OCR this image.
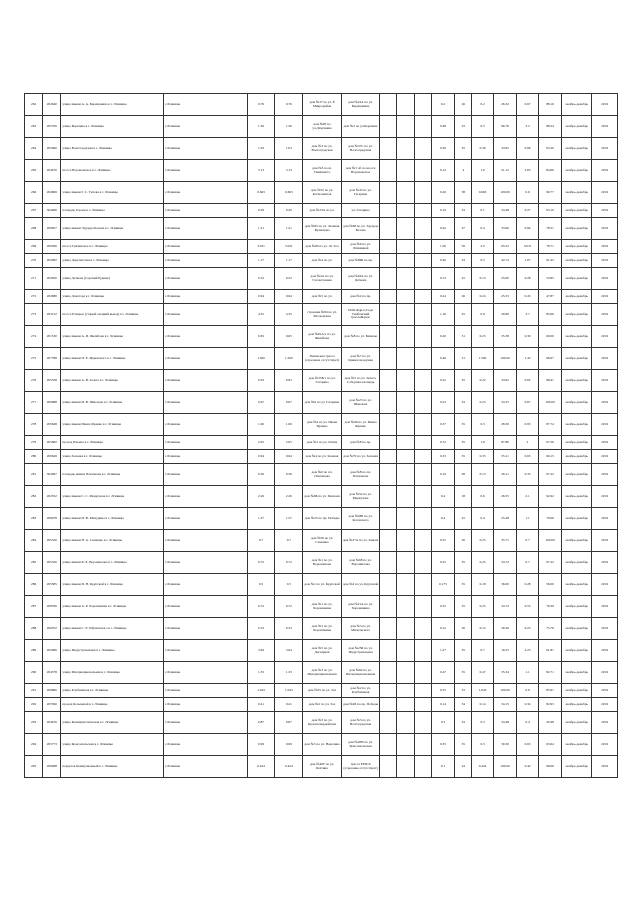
262	202640	улица имени А. А. Берещанина в г. Лгивицы	г.Лгивицы	0.76	0.76	дом №37 по ул. 8 Микрорайон	дом №22А по ул. Берещанина				0.2	26	0.2	26.32	0.67	88.16	ноябрь-декабрь	2019
263	205706	улица Березина в г. Лгивицы	г.Лгивицы	1.56	1.56	дом №83 по ул.Дачунаква	дом №2 по ул.Березина				0.48	33	0.5	96.76	3.2	88.24	ноябрь-декабрь	2019
264	205660	улица Волгоградская в г. Лгивицы	г.Лгивицы	1.03	1.03	дом №3 по ул. Волгоградская	дом №37С по ул. Волгоградская				0.36	35	0.36	34.95	0.96	93.20	ноябрь-декабрь	2019
265	204070	шоссе Воронежское в г. Лгивицы	г.Лгивицы	3.13	3.13	дом №3 по ш. Тимашисто	дом №3 об по шоссе Воронежское				0.12	4	1.6	51.12	2.63	84.66	ноябрь-декабрь	2019
266	204699	улица имени Г. С. Титова в г. Лгивицы	г.Лгивицы	0.663	0.663	дом №52 по ул. Космонавтов	дом №45 по ул. Гагарина				0.26	38	0.663	100.00	0.6	90.77	ноябрь-декабрь	2019
267	304066	площадь Героев в г. Лгивицы	г.Лгивицы	0.29	0.29	дом №23А по ул.	ул. Гагарина				0.16	34	0.1	34.48	0.27	93.10	ноябрь-декабрь	2019
268	209657	улица имени Эдуарда Белова в г. Лгивицы	г.Лгивицы	1.21	1.21	дом №85 по ул. Зеленая Кузнецова	дом №68 по ул. Эдуарда Белова				0.42	37	0.4	33.06	0.94	78.51	ноябрь-декабрь	2019
269	200366	шоссе Грязинское в г. Лгивицы	г.Лгивицы	3.031	3.031	дом №90 по ул. Лг. Зол	дом №6 по ул. Лгивицкой				1.50	59	2.0	65.52	3.031	78.71	ноябрь-декабрь	2019
270	202082	улица Декупатская в г. Лгивицы	г.Лгивицы	1.17	1.17	дом №4 по ул.	дом №86Б по пр.				0.40	34	0.5	42.74	1.07	91.45	ноябрь-декабрь	2019
271	202650	улица Деткова (Сарский Рудник)	г.Лгивицы	0.52	0.52	дом №2А по ул. Гасовстенная	дом №63А по ул. Деткова				0.13	25	0.13	25.00	0.28	53.85	ноябрь-декабрь	2019
272	202680	улица Доватора в г. Лгивицы	г.Лгивицы	0.94	0.94	дом №5 по ул.	дом №2 по пр.				0.24	26	0.24	25.53	0.45	47.87	ноябрь-декабрь	2019
273	203152	шоссе Елецкое (старый елецкий выезд) в г. Лгивицы	г.Лгивицы	4.35	4.35	строение №84 по ул. Московская	ООО &quot;Съде Тамбовский трассы&quot;				1.16	25	0.9	20.69	3.7	85.06	ноябрь-декабрь	2019
274	201530	улица имени А. И. Желябова в г. Лгивицы	г.Лгивицы	0.65	0.65	дом №81А/1 по ул. Желябова	дом №8 по ул. Бичилы				0.20	31	0.23	35.38	0.39	60.00	ноябрь-декабрь	2019
275	207788	улица имени П. Е. Жуковского в г. Лгивицы	г.Лгивицы	1.500	1.500	Уманьская трасса (отрезанка отсутствует)	дом №7 по ул. Кривоговоздская				0.46	31	1.500	100.00	1.45	96.67	ноябрь-декабрь	2019
276	205528	улица имени А. В. Зелега в г. Лгивицы	г.Лгивицы	0.63	0.63	дом №35Б/1 по ул. Гагарина	дом №5 по ул. Зелега. Соборная площадь				0.22	35	0.22	34.92	0.62	98.41	ноябрь-декабрь	2019
277	200688	улица имени И. В. Шмелова в г. Лгивицы	г.Лгивицы	0.67	0.67	дом №6 по ул. Гагарина	дом №23 по ул. Шмелова				0.23	34	0.23	34.33	0.67	100.00	ноябрь-декабрь	2019
278	205648	улица имени Ивана Франко в г. Лгивицы	г.Лгивицы	1.06	1.06	дом №2 по ул. Ивана Франко	дом №96 по ул. Ивана Франко				0.37	35	0.3	28.30	0.93	87.74	ноябрь-декабрь	2019
279	205682	проезд Ильича в г. Лгивицы	г.Лгивицы	2.05	2.05	дом №2 по ул. Осипа	дом №8 по пр.				0.72	35	1.8	87.80	2	97.56	ноябрь-декабрь	2019
280	200649	улица Зеленая в г. Лгивицы	г.Лгивицы	0.94	0.94	дом №4 по ул. Зеленая	дом №70 по ул. Зеленая				0.33	35	0.33	35.11	0.65	69.15	ноябрь-декабрь	2019
281	304097	площадь имени Плеханова в г. Лгивицы	г.Лгивицы	0.36	0.36	дом №6 по пл. Плеханова	дом №8 по пл. Плеханова				0.16	28	0.13	36.11	0.35	97.22	ноябрь-декабрь	2019
282	202352	улица имени С. С. Меркулова в г. Лгивицы	г.Лгивицы	2.26	2.26	дом №6Б по ул. Пискаля	дом №54 по ул. Меркулова				0.4	18	0.6	26.55	2.1	92.92	ноябрь-декабрь	2019
283	206678	улица имени И. В. Мичурина в г. Лгивицы	г.Лгивицы	1.57	1.57	дом №25 по пр. Победы	дом №6Ю по ул. Котовского				0.4	25	0.4	25.48	1.1	70.06	ноябрь-декабрь	2019
284	205320	улица имени Н. А. Семашко в г. Лгивицы	г.Лгивицы	0.7	0.7	дом №56 по ул. Семашко	дом №27А по ул. Зеньпа				0.25	36	0.25	35.71	0.7	100.00	ноябрь-декабрь	2019
285	205320	улица имени К. Е. Ворошилова в г. Лгивицы	г.Лгивицы	0.72	0.72	дом №1 по ул. Ворошилова	дом №68 по ул. Ворошилова				0.25	35	0.25	34.72	0.7	97.22	ноябрь-декабрь	2019
286	205385	улица имени И. Н. Крупской в г. Лгивицы	г.Лгивицы	0.5	0.5	дом №1 по ул. Крупской	дом №4 по ул. Крупской				0.175	35	0.18	36.00	0.28	56.00	ноябрь-декабрь	2019
287	208766	улица имени А. Р. Хорошавина в г. Лгивицы	г.Лгивицы	0.72	0.72	дом №1 по ул. Хорошавина	дом №21А по ул. Хорошавина				0.25	35	0.25	34.72	0.55	76.39	ноябрь-декабрь	2019
288	206702	улица имени С. Е. Шумовского в г. Лгивицы	г.Лгивицы	0.33	0.33	дом №3 по ул. Хорошавина	дом №3 по ул. Мичальского				0.12	36	0.12	36.36	0.25	75.76	ноябрь-декабрь	2019
289	202066	улица Индустриальная в г. Лгивицы	г.Лгивицы	3.64	3.64	дом №5 по ул. Дегтярная	дом №25Б по ул. Индустриальная				1.27	35	0.7	19.23	2.25	61.81	ноябрь-декабрь	2019
290	204378	улица Интернациональная в г. Лгивицы	г.Лгивицы	1.33	1.33	дом №3 по ул. Интернациональная	дом №64 по ул. Интернациональная				0.47	35	0.47	35.34	1.1	82.71	ноябрь-декабрь	2019
291	206860	улица Клубничная в г. Лгивицы	г.Лгивицы	1.043	1.043	дом №35 по ул. Зол	дом №2 по ул. Клубничная				0.35	33	1.043	100.00	0.9	85.91	ноябрь-декабрь	2019
292	205590	проезд Кольцевой в г. Лгивицы	г.Лгивицы	0.41	0.41	дом №2 по ул. Зол	дом №2Б по пр. Победы				0.14	34	0.14	34.15	0.34	82.93	ноябрь-декабрь	2019
293	204676	улица Коммунистическая в г. Лгивицы	г.Лгивицы	0.87	0.87	дом №3 по ул. Красногвардейская	дом №5 по ул. Волгоградская				0.3	34	0.3	34.48	0.4	45.98	ноябрь-декабрь	2019
294	205773	улица Комсомольская в г. Лгивицы	г.Лгивицы	0.99	0.99	дом №5 по ул. Неделина	дом №40Н по ул. Комсомольская				0.35	35	0.3	30.30	0.63	63.64	ноябрь-декабрь	2019
295	209488	переулок Коммунальный в г. Лгивицы	г.Лгивицы	0.424	0.424	дом №49Т по ул. Бехтина	трасса ЕРЦ10 (отрезанка отсутствует)				0.1	24	0.424	100.00	0.42	99.06	ноябрь-декабрь	2019
